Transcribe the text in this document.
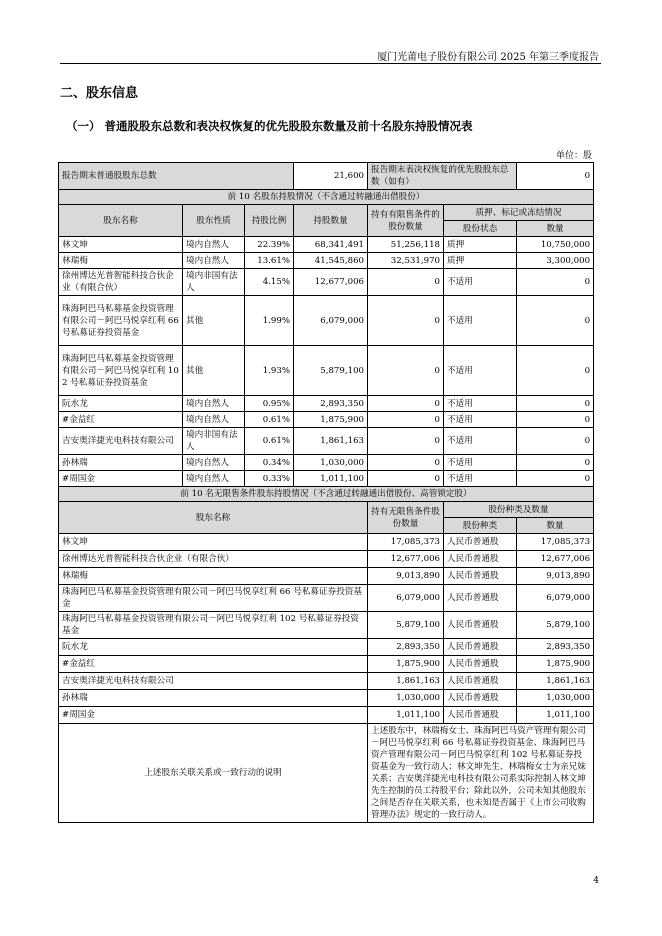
厦门光莆电子股份有限公司 2025 年第三季度报告
二、股东信息
（一） 普通股股东总数和表决权恢复的优先股股东数量及前十名股东持股情况表
单位：股
报告期末普通股股东总数			21,600	报告期末表决权恢复的优先股股东总数（如有）		0
前 10 名股东持股情况（不含通过转融通出借股份）						
股东名称	股东性质	持股比例	持股数量	持有有限售条件的股份数量	质押、标记或冻结情况	
					股份状态	数量
林文坤	境内自然人	22.39%	68,341,491	51,256,118	质押	10,750,000
林瑞梅	境内自然人	13.61%	41,545,860	32,531,970	质押	3,300,000
徐州博达光普智能科技合伙企业（有限合伙）	境内非国有法人	4.15%	12,677,006	0	不适用	0
珠海阿巴马私募基金投资管理有限公司－阿巴马悦享红利 66 号私募证券投资基金	其他	1.99%	6,079,000	0	不适用	0
珠海阿巴马私募基金投资管理有限公司－阿巴马悦享红利 102 号私募证券投资基金	其他	1.93%	5,879,100	0	不适用	0
阮水龙	境内自然人	0.95%	2,893,350	0	不适用	0
#金益红	境内自然人	0.61%	1,875,900	0	不适用	0
吉安奥洋捷光电科技有限公司	境内非国有法人	0.61%	1,861,163	0	不适用	0
孙林瑞	境内自然人	0.34%	1,030,000	0	不适用	0
#周国金	境内自然人	0.33%	1,011,100	0	不适用	0
前 10 名无限售条件股东持股情况（不含通过转融通出借股份、高管锁定股）						
股东名称				持有无限售条件股份数量	股份种类及数量	
					股份种类	数量
林文坤				17,085,373	人民币普通股	17,085,373
徐州博达光普智能科技合伙企业（有限合伙）				12,677,006	人民币普通股	12,677,006
林瑞梅				9,013,890	人民币普通股	9,013,890
珠海阿巴马私募基金投资管理有限公司－阿巴马悦享红利 66 号私募证券投资基金				6,079,000	人民币普通股	6,079,000
珠海阿巴马私募基金投资管理有限公司－阿巴马悦享红利 102 号私募证券投资基金				5,879,100	人民币普通股	5,879,100
阮水龙				2,893,350	人民币普通股	2,893,350
#金益红				1,875,900	人民币普通股	1,875,900
吉安奥洋捷光电科技有限公司				1,861,163	人民币普通股	1,861,163
孙林瑞				1,030,000	人民币普通股	1,030,000
#周国金				1,011,100	人民币普通股	1,011,100
上述股东关联关系或一致行动的说明				上述股东中，林瑞梅女士、珠海阿巴马资产管理有限公司－阿巴马悦享红利 66 号私募证券投资基金、珠海阿巴马资产管理有限公司－阿巴马悦享红利 102 号私募证券投资基金为一致行动人；林文坤先生、林瑞梅女士为亲兄妹关系；吉安奥洋捷光电科技有限公司系实际控制人林文坤先生控制的员工持股平台；除此以外，公司未知其他股东之间是否存在关联关系，也未知是否属于《上市公司收购管理办法》规定的一致行动人。		
4
